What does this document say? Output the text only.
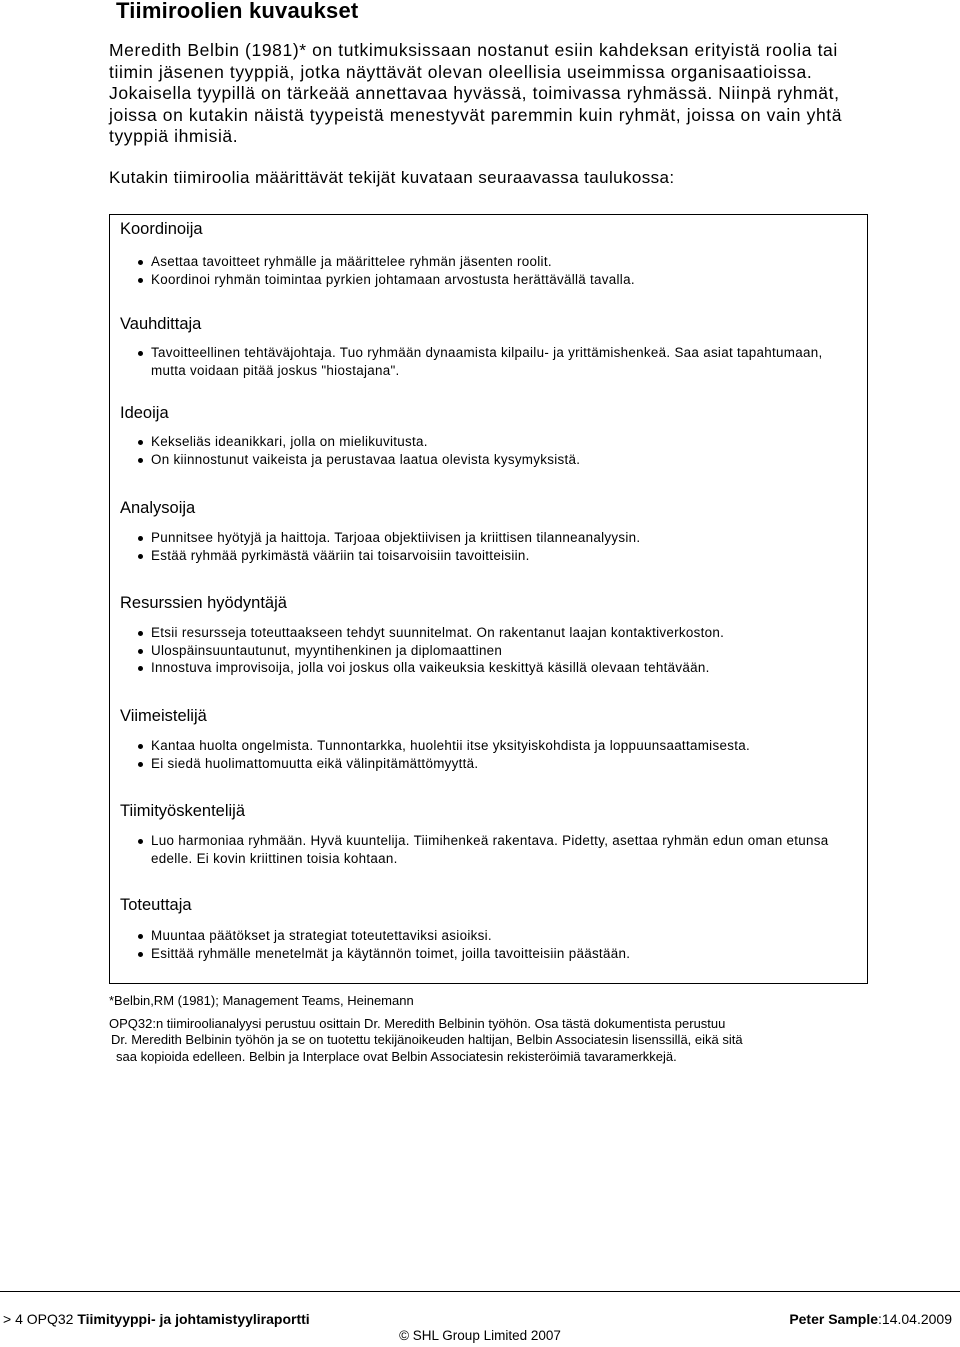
Tiimiroolien kuvaukset

Meredith Belbin (1981)* on tutkimuksissaan nostanut esiin kahdeksan erityistä roolia tai tiimin jäsenen tyyppiä, jotka näyttävät olevan oleellisia useimmissa organisaatioissa. Jokaisella tyypillä on tärkeää annettavaa hyvässä, toimivassa ryhmässä. Niinpä ryhmät, joissa on kutakin näistä tyypeistä menestyvät paremmin kuin ryhmät, joissa on vain yhtä tyyppiä ihmisiä.

Kutakin tiimiroolia määrittävät tekijät kuvataan seuraavassa taulukossa:

Koordinoija
Asettaa tavoitteet ryhmälle ja määrittelee ryhmän jäsenten roolit.
Koordinoi ryhmän toimintaa pyrkien johtamaan arvostusta herättävällä tavalla.
Vauhdittaja
Tavoitteellinen tehtäväjohtaja. Tuo ryhmään dynaamista kilpailu- ja yrittämishenkeä. Saa asiat tapahtumaan, mutta voidaan pitää joskus "hiostajana".
Ideoija
Kekseliäs ideanikkari, jolla on mielikuvitusta.
On kiinnostunut vaikeista ja perustavaa laatua olevista kysymyksistä.
Analysoija
Punnitsee hyötyjä ja haittoja. Tarjoaa objektiivisen ja kriittisen tilanneanalyysin.
Estää ryhmää pyrkimästä vääriin tai toisarvoisiin tavoitteisiin.
Resurssien hyödyntäjä
Etsii resursseja toteuttaakseen tehdyt suunnitelmat. On rakentanut laajan kontaktiverkoston.
Ulospäinsuuntautunut, myyntihenkinen ja diplomaattinen
Innostuva improvisoija, jolla voi joskus olla vaikeuksia keskittyä käsillä olevaan tehtävään.
Viimeistelijä
Kantaa huolta ongelmista. Tunnontarkka, huolehtii itse yksityiskohdista ja loppuunsaattamisesta.
Ei siedä huolimattomuutta eikä välinpitämättömyyttä.
Tiimityöskentelijä
Luo harmoniaa ryhmään. Hyvä kuuntelija. Tiimihenkeä rakentava. Pidetty, asettaa ryhmän edun oman etunsa edelle. Ei kovin kriittinen toisia kohtaan.
Toteuttaja
Muuntaa päätökset ja strategiat toteutettaviksi asioiksi.
Esittää ryhmälle menetelmät ja käytännön toimet, joilla tavoitteisiin päästään.

*Belbin,RM (1981); Management Teams, Heinemann

OPQ32:n tiimiroolianalyysi perustuu osittain Dr. Meredith Belbinin työhön. Osa tästä dokumentista perustuu

Dr. Meredith Belbinin työhön ja se on tuotettu tekijänoikeuden haltijan, Belbin Associatesin lisenssillä, eikä sitä

saa kopioida edelleen. Belbin ja Interplace ovat Belbin Associatesin rekisteröimiä tavaramerkkejä.

> 4 OPQ32 Tiimityyppi- ja johtamistyyliraportti	Peter Sample:14.04.2009
© SHL Group Limited 2007
